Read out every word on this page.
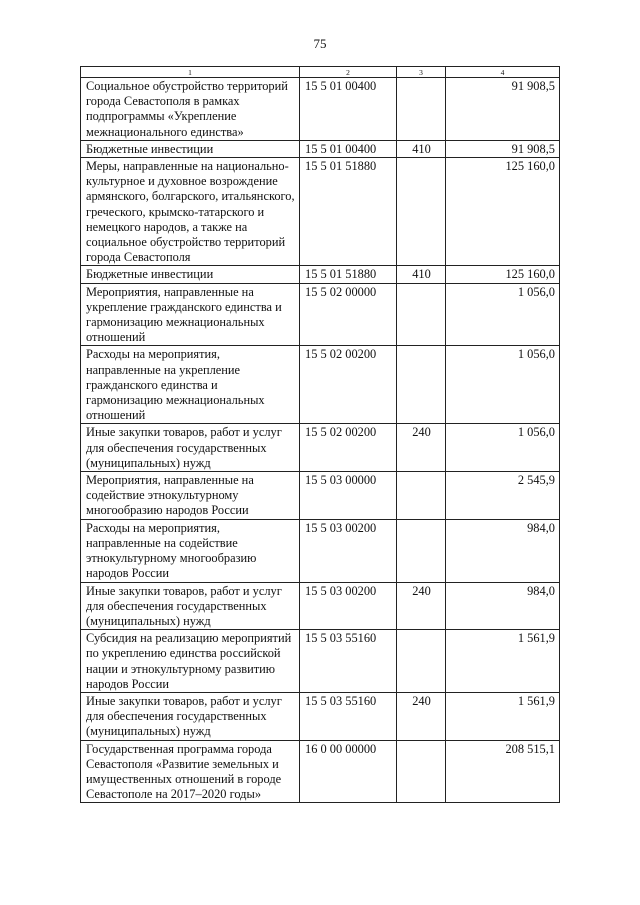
75
1	2	3	4
Социальное обустройство территорий города Севастополя в рамках подпрограммы «Укрепление межнационального единства»	15 5 01 00400		91 908,5
Бюджетные инвестиции	15 5 01 00400	410	91 908,5
Меры, направленные на национально-культурное и духовное возрождение армянского, болгарского, итальянского, греческого, крымско-татарского и немецкого народов, а также на социальное обустройство территорий города Севастополя	15 5 01 51880		125 160,0
Бюджетные инвестиции	15 5 01 51880	410	125 160,0
Мероприятия, направленные на укрепление гражданского единства и гармонизацию межнациональных отношений	15 5 02 00000		1 056,0
Расходы на мероприятия, направленные на укрепление гражданского единства и гармонизацию межнациональных отношений	15 5 02 00200		1 056,0
Иные закупки товаров, работ и услуг для обеспечения государственных (муниципальных) нужд	15 5 02 00200	240	1 056,0
Мероприятия, направленные на содействие этнокультурному многообразию народов России	15 5 03 00000		2 545,9
Расходы на мероприятия, направленные на содействие этнокультурному многообразию народов России	15 5 03 00200		984,0
Иные закупки товаров, работ и услуг для обеспечения государственных (муниципальных) нужд	15 5 03 00200	240	984,0
Субсидия на реализацию мероприятий по укреплению единства российской нации и этнокультурному развитию народов России	15 5 03 55160		1 561,9
Иные закупки товаров, работ и услуг для обеспечения государственных (муниципальных) нужд	15 5 03 55160	240	1 561,9
Государственная программа города Севастополя «Развитие земельных и имущественных отношений в городе Севастополе на 2017–2020 годы»	16 0 00 00000		208 515,1
